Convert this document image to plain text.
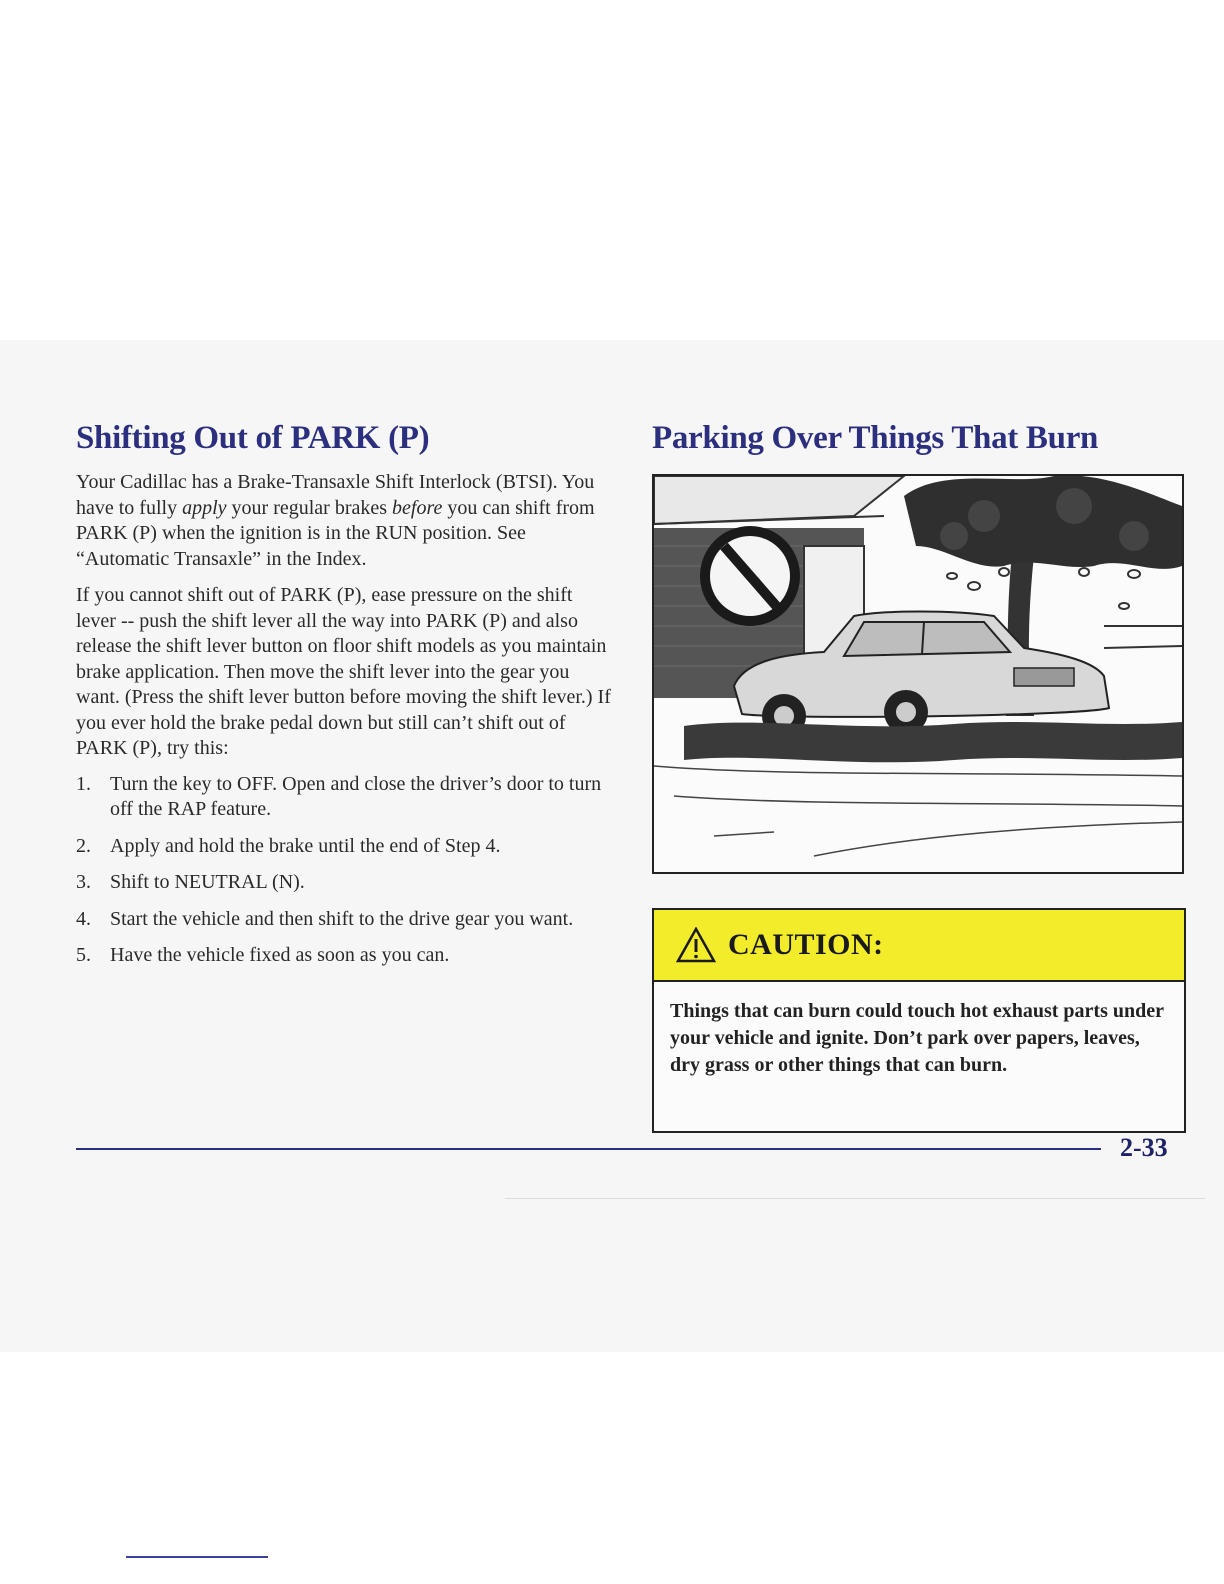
Shifting Out of PARK (P)

Your Cadillac has a Brake-Transaxle Shift Interlock (BTSI). You have to fully apply your regular brakes before you can shift from PARK (P) when the ignition is in the RUN position. See “Automatic Transaxle” in the Index.

If you cannot shift out of PARK (P), ease pressure on the shift lever -- push the shift lever all the way into PARK (P) and also release the shift lever button on floor shift models as you maintain brake application. Then move the shift lever into the gear you want. (Press the shift lever button before moving the shift lever.) If you ever hold the brake pedal down but still can’t shift out of PARK (P), try this:

1. Turn the key to OFF. Open and close the driver’s door to turn off the RAP feature.
2. Apply and hold the brake until the end of Step 4.
3. Shift to NEUTRAL (N).
4. Start the vehicle and then shift to the drive gear you want.
5. Have the vehicle fixed as soon as you can.
Parking Over Things That Burn
CAUTION:
Things that can burn could touch hot exhaust parts under your vehicle and ignite. Don’t park over papers, leaves, dry grass or other things that can burn.
2-33
